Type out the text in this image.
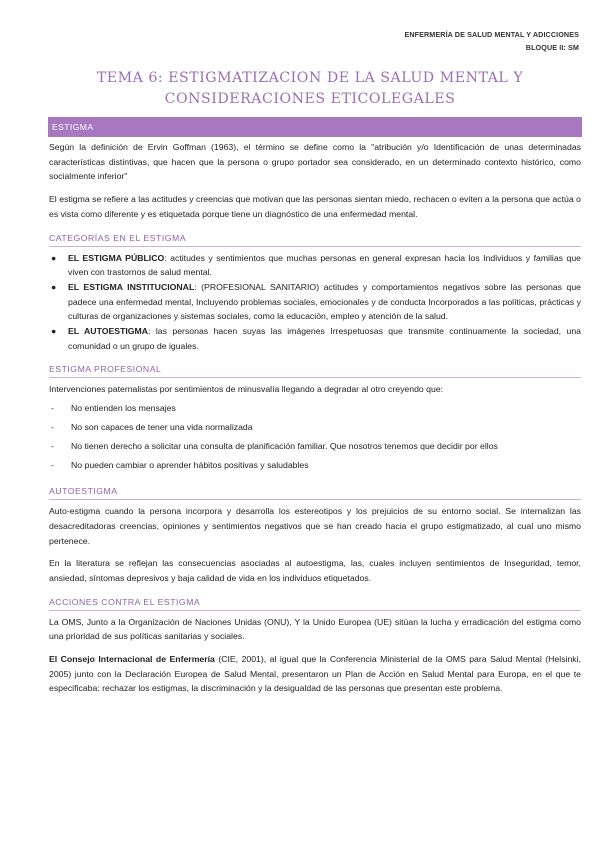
ENFERMERÍA DE SALUD MENTAL Y ADICCIONES
BLOQUE II: SM
TEMA 6: ESTIGMATIZACION DE LA SALUD MENTAL Y
CONSIDERACIONES ETICOLEGALES
ESTIGMA

Según la definición de Ervin Goffman (1963), el término se define como la "atribución y/o Identificación de unas determinadas características distintivas, que hacen que la persona o grupo portador sea considerado, en un determinado contexto histórico, como socialmente inferior"

El estigma se refiere a las actitudes y creencias que motivan que las personas sientan miedo, rechacen o eviten a la persona que actúa o es vista como diferente y es etiquetada porque tiene un diagnóstico de una enfermedad mental.

CATEGORÍAS EN EL ESTIGMA
● EL ESTIGMA PÚBLICO: actitudes y sentimientos que muchas personas en general expresan hacia los Individuos y familias que viven con trastornos de salud mental.
● EL ESTIGMA INSTITUCIONAL: (PROFESIONAL SANITARIO) actitudes y comportamientos negativos sobre las personas que padece una enfermedad mental, Incluyendo problemas sociales, emocionales y de conducta Incorporados a las políticas, prácticas y culturas de organizaciones y sistemas sociales, como la educación, empleo y atención de la salud.
● EL AUTOESTIGMA: las personas hacen suyas las imágenes Irrespetuosas que transmite continuamente la sociedad, una comunidad o un grupo de iguales.
ESTIGMA PROFESIONAL

Intervenciones paternalistas por sentimientos de minusvalía llegando a degradar al otro creyendo que:

- No entienden los mensajes
- No son capaces de tener una vida normalizada
- No tienen derecho a solicitar una consulta de planificación familiar. Que nosotros tenemos que decidir por ellos
- No pueden cambiar o aprender hábitos positivas y saludables
AUTOESTIGMA

Auto-estigma cuando la persona incorpora y desarrolla los estereotipos y los prejuicios de su entorno social. Se internalizan las desacreditadoras creencias, opiniones y sentimientos negativos que se han creado hacia el grupo estigmatizado, al cual uno mismo pertenece.

En la literatura se reflejan las consecuencias asociadas al autoestigma, las, cuales incluyen sentimientos de Inseguridad, temor, ansiedad, síntomas depresivos y baja calidad de vida en los individuos etiquetados.

ACCIONES CONTRA EL ESTIGMA

La OMS, Junto a la Organización de Naciones Unidas (ONU), Y la Unido Europea (UE) sitúan la lucha y erradicación del estigma como una prioridad de sus políticas sanitarias y sociales.

El Consejo Internacional de Enfermería (CIE, 2001), al igual que la Conferencia Ministerial de la OMS para Salud Mental (Helsinki, 2005) junto con la Declaración Europea de Salud Mental, presentaron un Plan de Acción en Salud Mental para Europa, en el que te especificaba: rechazar los estigmas, la discriminación y la desigualdad de las personas que presentan este problema.
